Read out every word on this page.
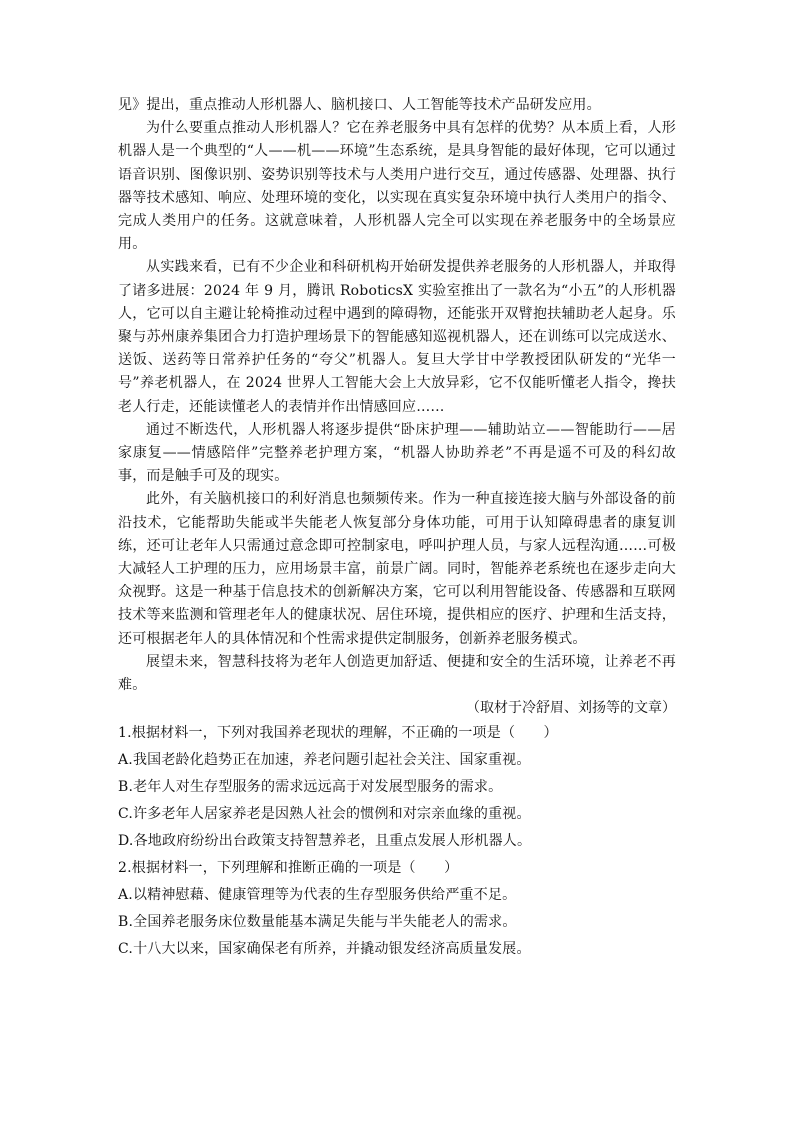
见》提出，重点推动人形机器人、脑机接口、人工智能等技术产品研发应用。

为什么要重点推动人形机器人？它在养老服务中具有怎样的优势？从本质上看，人形机器人是一个典型的“人——机——环境”生态系统，是具身智能的最好体现，它可以通过语音识别、图像识别、姿势识别等技术与人类用户进行交互，通过传感器、处理器、执行器等技术感知、响应、处理环境的变化，以实现在真实复杂环境中执行人类用户的指令、完成人类用户的任务。这就意味着，人形机器人完全可以实现在养老服务中的全场景应用。

从实践来看，已有不少企业和科研机构开始研发提供养老服务的人形机器人，并取得了诸多进展：2024 年 9 月，腾讯 RoboticsX 实验室推出了一款名为“小五”的人形机器人，它可以自主避让轮椅推动过程中遇到的障碍物，还能张开双臂抱扶辅助老人起身。乐聚与苏州康养集团合力打造护理场景下的智能感知巡视机器人，还在训练可以完成送水、送饭、送药等日常养护任务的“夸父”机器人。复旦大学甘中学教授团队研发的“光华一号”养老机器人，在 2024 世界人工智能大会上大放异彩，它不仅能听懂老人指令，搀扶老人行走，还能读懂老人的表情并作出情感回应……

通过不断迭代，人形机器人将逐步提供“卧床护理——辅助站立——智能助行——居家康复——情感陪伴”完整养老护理方案，“机器人协助养老”不再是遥不可及的科幻故事，而是触手可及的现实。

此外，有关脑机接口的利好消息也频频传来。作为一种直接连接大脑与外部设备的前沿技术，它能帮助失能或半失能老人恢复部分身体功能，可用于认知障碍患者的康复训练，还可让老年人只需通过意念即可控制家电，呼叫护理人员，与家人远程沟通……可极大减轻人工护理的压力，应用场景丰富，前景广阔。同时，智能养老系统也在逐步走向大众视野。这是一种基于信息技术的创新解决方案，它可以利用智能设备、传感器和互联网技术等来监测和管理老年人的健康状况、居住环境，提供相应的医疗、护理和生活支持，还可根据老年人的具体情况和个性需求提供定制服务，创新养老服务模式。

展望未来，智慧科技将为老年人创造更加舒适、便捷和安全的生活环境，让养老不再难。

（取材于冷舒眉、刘扬等的文章）

1.根据材料一，下列对我国养老现状的理解，不正确的一项是（　　）

A.我国老龄化趋势正在加速，养老问题引起社会关注、国家重视。

B.老年人对生存型服务的需求远远高于对发展型服务的需求。

C.许多老年人居家养老是因熟人社会的惯例和对宗亲血缘的重视。

D.各地政府纷纷出台政策支持智慧养老，且重点发展人形机器人。

2.根据材料一，下列理解和推断正确的一项是（　　）

A.以精神慰藉、健康管理等为代表的生存型服务供给严重不足。

B.全国养老服务床位数量能基本满足失能与半失能老人的需求。

C.十八大以来，国家确保老有所养，并撬动银发经济高质量发展。
